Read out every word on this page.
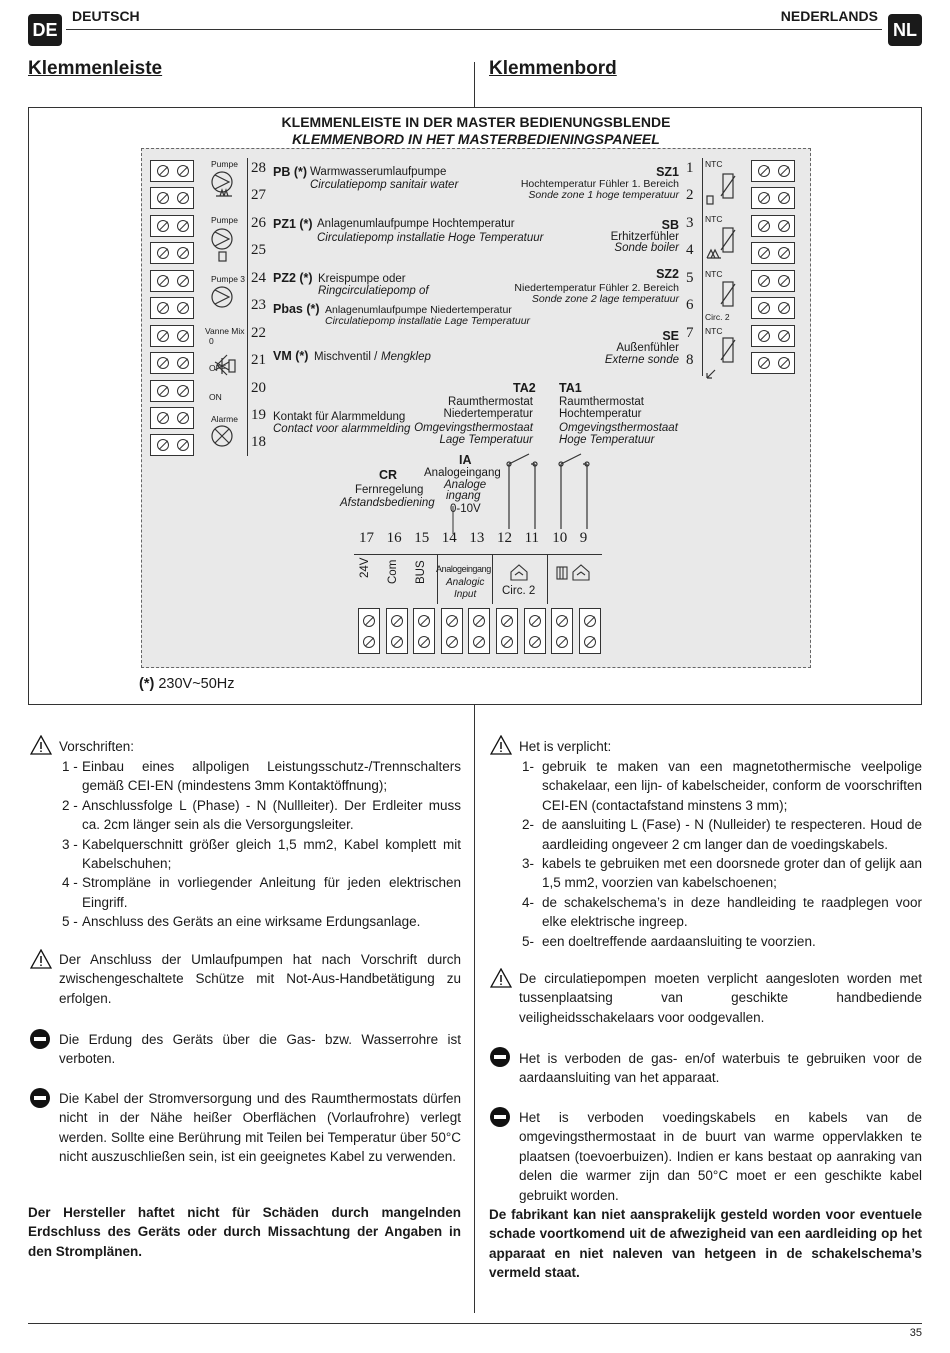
DE
DEUTSCH	NEDERLANDS
NL
Klemmenleiste	Klemmenbord
KLEMMENLEISTE IN DER MASTER BEDIENUNGSBLENDE
KLEMMENBORD IN HET MASTERBEDIENINGSPANEEL
Pumpe
Pumpe
Pumpe 3
Vanne Mix
0
OFF
ON
Alarme
28
27
26
25
24
23
22
21
20
19
18
PB (*) Warmwasserumlaufpumpe
Circulatiepomp sanitair water
PZ1 (*) Anlagenumlaufpumpe Hochtemperatur
Circulatiepomp installatie Hoge Temperatuur
PZ2 (*) Kreispumpe oder
Ringcirculatiepomp of
Pbas (*) Anlagenumlaufpumpe Niedertemperatur
Circulatiepomp installatie Lage Temperatuur
VM (*) Mischventil / Mengklep
Kontakt für Alarmmeldung
Contact voor alarmmelding
SZ1
Hochtemperatur Fühler 1. Bereich
Sonde zone 1 hoge temperatuur
SB
Erhitzerfühler
Sonde boiler
SZ2
Niedertemperatur Fühler 2. Bereich
Sonde zone 2 lage temperatuur
SE
Außenfühler
Externe sonde
1
2
3
4
5
6
7
8
NTC
NTC
NTC
Circ. 2
NTC
TA2
Raumthermostat
Niedertemperatur
Omgevingsthermostaat
Lage Temperatuur
TA1
Raumthermostat
Hochtemperatur
Omgevingsthermostaat
Hoge Temperatuur
IA
Analogeingang
Analoge
ingang
0-10V
CR
Fernregelung
Afstandsbediening
17 16 15 14 13 12 11 10 9
24V Com BUS Analogeingang
Analogic
Input Circ. 2
(*) 230V~50Hz
Vorschriften:
1 - Einbau eines allpoligen Leistungsschutz-/Trennschalters gemäß CEI-EN (mindestens 3mm Kontaktöffnung);
2 - Anschlussfolge L (Phase) - N (Nullleiter). Der Erdleiter muss ca. 2cm länger sein als die Versorgungsleiter.
3 - Kabelquerschnitt größer gleich 1,5 mm2, Kabel komplett mit Kabelschuhen;
4 - Strompläne in vorliegender Anleitung für jeden elektrischen Eingriff.
5 - Anschluss des Geräts an eine wirksame Erdungsanlage.
Der Anschluss der Umlaufpumpen hat nach Vorschrift durch zwischengeschaltete Schütze mit Not-Aus-Handbetätigung zu erfolgen.
Die Erdung des Geräts über die Gas- bzw. Wasserrohre ist verboten.
Die Kabel der Stromversorgung und des Raumthermostats dürfen nicht in der Nähe heißer Oberflächen (Vorlaufrohre) verlegt werden. Sollte eine Berührung mit Teilen bei Temperatur über 50°C nicht auszuschließen sein, ist ein geeignetes Kabel zu verwenden.
Der Hersteller haftet nicht für Schäden durch mangelnden Erdschluss des Geräts oder durch Missachtung der Angaben in den Stromplänen.
Het is verplicht:
1- gebruik te maken van een magnetothermische veelpolige schakelaar, een lijn- of kabelscheider, conform de voorschriften CEI-EN (contactafstand minstens 3 mm);
2- de aansluiting L (Fase) - N (Nulleider) te respecteren. Houd de aardleiding ongeveer 2 cm langer dan de voedingskabels.
3- kabels te gebruiken met een doorsnede groter dan of gelijk aan 1,5 mm2, voorzien van kabelschoenen;
4- de schakelschema’s in deze handleiding te raadplegen voor elke elektrische ingreep.
5- een doeltreffende aardaansluiting te voorzien.
De circulatiepompen moeten verplicht aangesloten worden met tussenplaatsing van geschikte handbediende veiligheidsschakelaars voor oodgevallen.
Het is verboden de gas- en/of waterbuis te gebruiken voor de aardaansluiting van het apparaat.
Het is verboden voedingskabels en kabels van de omgevingsthermostaat in de buurt van warme oppervlakken te plaatsen (toevoerbuizen). Indien er kans bestaat op aanraking van delen die warmer zijn dan 50°C moet er een geschikte kabel gebruikt worden.
De fabrikant kan niet aansprakelijk gesteld worden voor eventuele schade voortkomend uit de afwezigheid van een aardleiding op het apparaat en niet naleven van hetgeen in de schakelschema’s vermeld staat.
35
